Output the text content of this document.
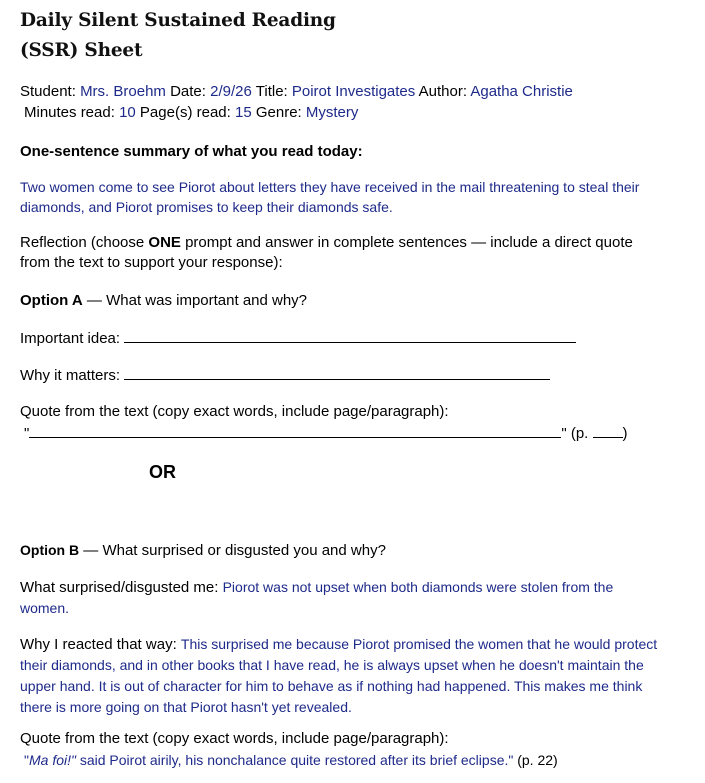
Daily Silent Sustained Reading
(SSR) Sheet
Student: Mrs. Broehm Date: 2/9/26 Title: Poirot Investigates Author: Agatha Christie
Minutes read: 10 Page(s) read: 15 Genre: Mystery
One-sentence summary of what you read today:
Two women come to see Piorot about letters they have received in the mail threatening to steal their diamonds, and Piorot promises to keep their diamonds safe.
Reflection (choose ONE prompt and answer in complete sentences — include a direct quote from the text to support your response):
Option A — What was important and why?
Important idea:
Why it matters:
Quote from the text (copy exact words, include page/paragraph):
"	" (p. )
OR
Option B — What surprised or disgusted you and why?
What surprised/disgusted me: Piorot was not upset when both diamonds were stolen from the women.
Why I reacted that way: This surprised me because Piorot promised the women that he would protect their diamonds, and in other books that I have read, he is always upset when he doesn't maintain the upper hand. It is out of character for him to behave as if nothing had happened. This makes me think there is more going on that Piorot hasn't yet revealed.
Quote from the text (copy exact words, include page/paragraph):
"Ma foi!" said Poirot airily, his nonchalance quite restored after its brief eclipse." (p. 22)
